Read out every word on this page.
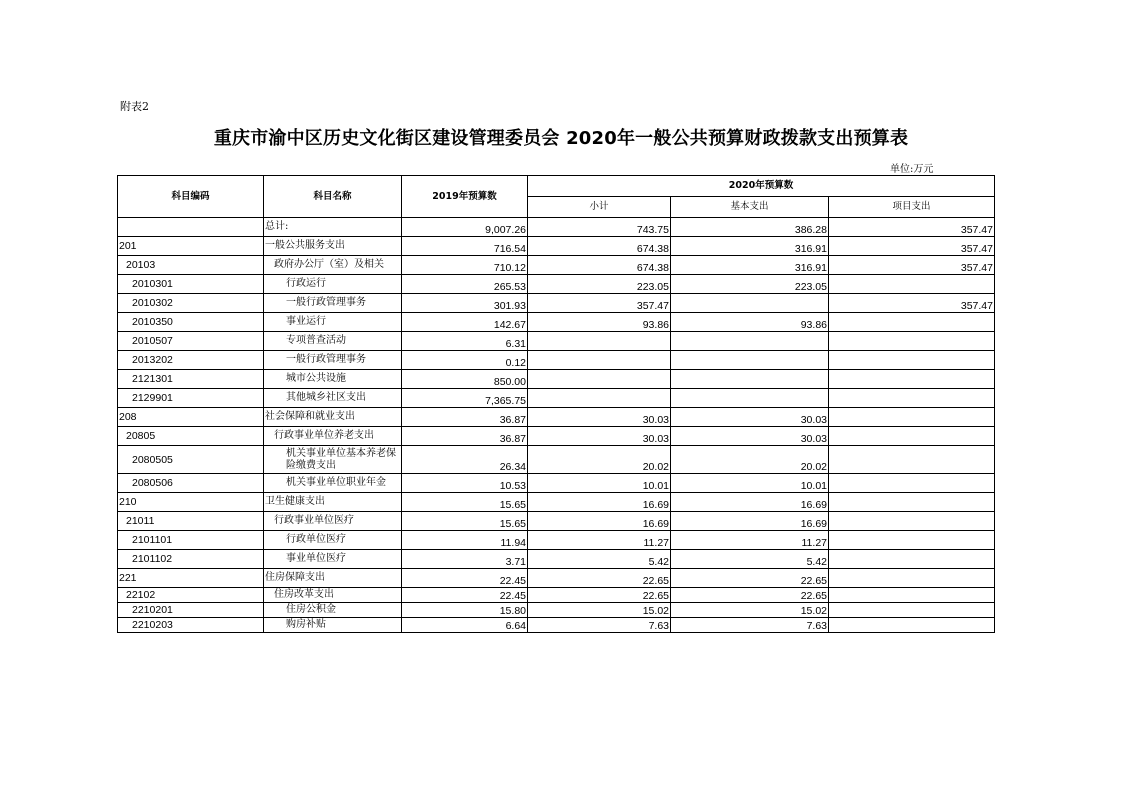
附表2
重庆市渝中区历史文化街区建设管理委员会 2020年一般公共预算财政拨款支出预算表
单位:万元
科目编码	科目名称	2019年预算数	2020年预算数		
			小计	基本支出	项目支出
	总计:	9,007.26	743.75	386.28	357.47
201	一般公共服务支出	716.54	674.38	316.91	357.47
20103	政府办公厅（室）及相关	710.12	674.38	316.91	357.47
2010301	行政运行	265.53	223.05	223.05	
2010302	一般行政管理事务	301.93	357.47		357.47
2010350	事业运行	142.67	93.86	93.86	
2010507	专项普查活动	6.31			
2013202	一般行政管理事务	0.12			
2121301	城市公共设施	850.00			
2129901	其他城乡社区支出	7,365.75			
208	社会保障和就业支出	36.87	30.03	30.03	
20805	行政事业单位养老支出	36.87	30.03	30.03	
2080505	机关事业单位基本养老保险缴费支出	26.34	20.02	20.02	
2080506	机关事业单位职业年金	10.53	10.01	10.01	
210	卫生健康支出	15.65	16.69	16.69	
21011	行政事业单位医疗	15.65	16.69	16.69	
2101101	行政单位医疗	11.94	11.27	11.27	
2101102	事业单位医疗	3.71	5.42	5.42	
221	住房保障支出	22.45	22.65	22.65	
22102	住房改革支出	22.45	22.65	22.65	
2210201	住房公积金	15.80	15.02	15.02	
2210203	购房补贴	6.64	7.63	7.63	
